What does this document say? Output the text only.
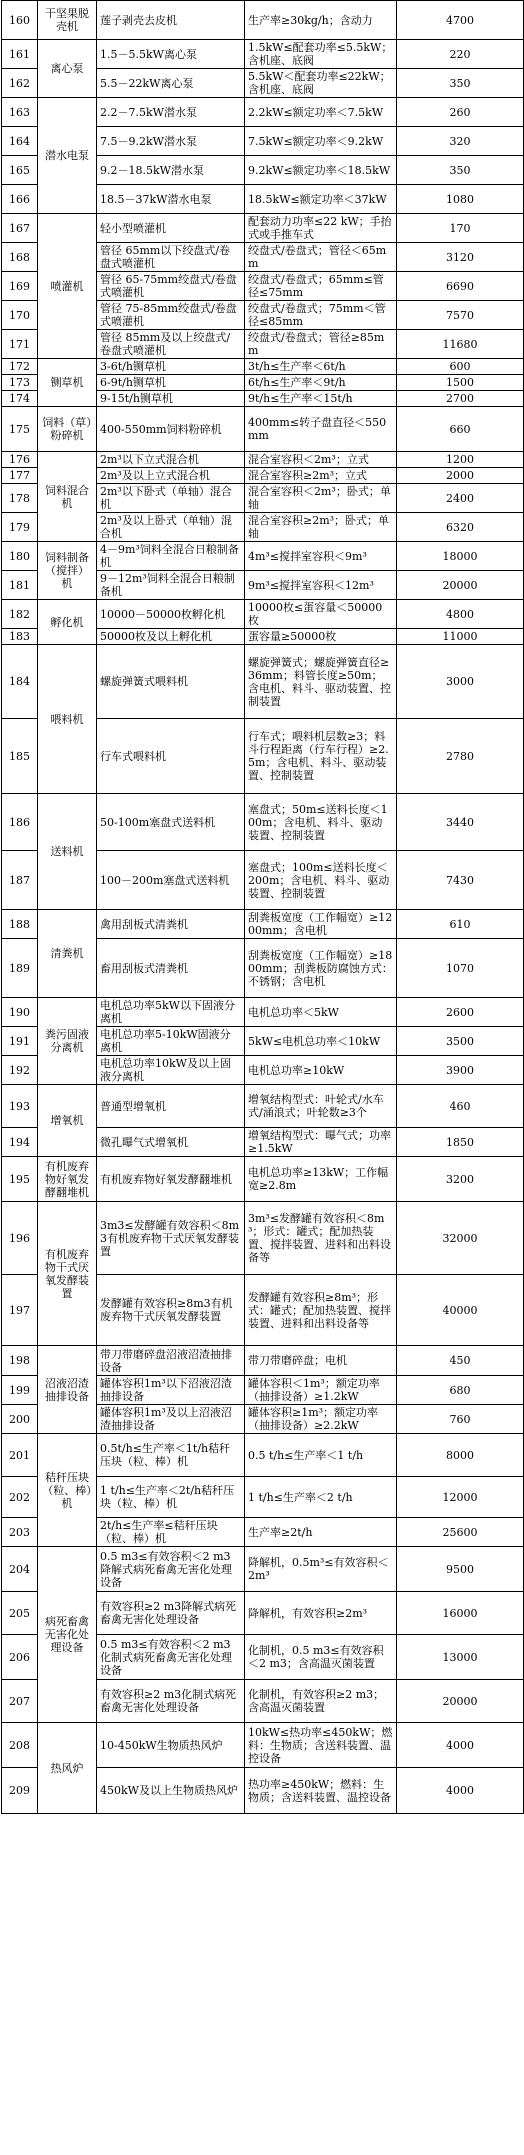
160	干坚果脱壳机	莲子剥壳去皮机	生产率≥30kg/h；含动力	4700
161	离心泵	1.5－5.5kW离心泵	1.5kW≤配套功率≤5.5kW；含机座、底阀	220
162		5.5－22kW离心泵	5.5kW＜配套功率≤22kW；含机座、底阀	350
163	潜水电泵	2.2－7.5kW潜水泵	2.2kW≤额定功率＜7.5kW	260
164		7.5－9.2kW潜水泵	7.5kW≤额定功率＜9.2kW	320
165		9.2－18.5kW潜水泵	9.2kW≤额定功率＜18.5kW	350
166		18.5－37kW潜水电泵	18.5kW≤额定功率＜37kW	1080
167	喷灌机	轻小型喷灌机	配套动力功率≤22 kW；手抬式或手推车式	170
168		管径 65mm以下绞盘式/卷盘式喷灌机	绞盘式/卷盘式；管径＜65mm	3120
169		管径 65-75mm绞盘式/卷盘式喷灌机	绞盘式/卷盘式；65mm≤管径≤75mm	6690
170		管径 75-85mm绞盘式/卷盘式喷灌机	绞盘式/卷盘式；75mm＜管径≤85mm	7570
171		管径 85mm及以上绞盘式/卷盘式喷灌机	绞盘式/卷盘式；管径≥85mm	11680
172	铡草机	3-6t/h铡草机	3t/h≤生产率＜6t/h	600
173		6-9t/h铡草机	6t/h≤生产率＜9t/h	1500
174		9-15t/h铡草机	9t/h≤生产率＜15t/h	2700
175	饲料（草）粉碎机	400-550mm饲料粉碎机	400mm≤转子盘直径＜550mm	660
176	饲料混合机	2m³以下立式混合机	混合室容积＜2m³；立式	1200
177		2m³及以上立式混合机	混合室容积≥2m³；立式	2000
178		2m³以下卧式（单轴）混合机	混合室容积＜2m³；卧式；单轴	2400
179		2m³及以上卧式（单轴）混合机	混合室容积≥2m³；卧式；单轴	6320
180	饲料制备（搅拌）机	4－9m³饲料全混合日粮制备机	4m³≤搅拌室容积＜9m³	18000
181		9－12m³饲料全混合日粮制备机	9m³≤搅拌室容积＜12m³	20000
182	孵化机	10000－50000枚孵化机	10000枚≤蛋容量＜50000枚	4800
183		50000枚及以上孵化机	蛋容量≥50000枚	11000
184	喂料机	螺旋弹簧式喂料机	螺旋弹簧式；螺旋弹簧直径≥36mm；料管长度≥50m；含电机、料斗、驱动装置、控制装置	3000
185		行车式喂料机	行车式；喂料机层数≥3；料斗行程距离（行车行程）≥2.5m；含电机、料斗、驱动装置、控制装置	2780
186	送料机	50-100m塞盘式送料机	塞盘式；50m≤送料长度＜100m；含电机、料斗、驱动装置、控制装置	3440
187		100－200m塞盘式送料机	塞盘式；100m≤送料长度＜200m；含电机、料斗、驱动装置、控制装置	7430
188	清粪机	禽用刮板式清粪机	刮粪板宽度（工作幅宽）≥1200mm；含电机	610
189		畜用刮板式清粪机	刮粪板宽度（工作幅宽）≥1800mm；刮粪板防腐蚀方式：不锈钢；含电机	1070
190	粪污固液分离机	电机总功率5kW以下固液分离机	电机总功率＜5kW	2600
191		电机总功率5-10kW固液分离机	5kW≤电机总功率＜10kW	3500
192		电机总功率10kW及以上固液分离机	电机总功率≥10kW	3900
193	增氧机	普通型增氧机	增氧结构型式：叶轮式/水车式/涌浪式；叶轮数≥3个	460
194		微孔曝气式增氧机	增氧结构型式：曝气式；功率≥1.5kW	1850
195	有机废弃物好氧发酵翻堆机	有机废弃物好氧发酵翻堆机	电机总功率≥13kW；工作幅宽≥2.8m	3200
196	有机废弃物干式厌氧发酵装置	3m3≤发酵罐有效容积＜8m3有机废弃物干式厌氧发酵装置	3m³≤发酵罐有效容积＜8m³；形式：罐式；配加热装置、搅拌装置、进料和出料设备等	32000
197		发酵罐有效容积≥8m3有机废弃物干式厌氧发酵装置	发酵罐有效容积≥8m³；形式：罐式；配加热装置、搅拌装置、进料和出料设备等	40000
198	沼液沼渣抽排设备	带刀带磨碎盘沼液沼渣抽排设备	带刀带磨碎盘；电机	450
199		罐体容积1m³以下沼液沼渣抽排设备	罐体容积＜1m³；额定功率（抽排设备）≥1.2kW	680
200		罐体容积1m³及以上沼液沼渣抽排设备	罐体容积≥1m³；额定功率（抽排设备）≥2.2kW	760
201	秸秆压块（粒、棒）机	0.5t/h≤生产率＜1t/h秸秆压块（粒、棒）机	0.5 t/h≤生产率＜1 t/h	8000
202		1 t/h≤生产率＜2t/h秸秆压块（粒、棒）机	1 t/h≤生产率＜2 t/h	12000
203		2t/h≤生产率≤秸秆压块（粒、棒）机	生产率≥2t/h	25600
204	病死畜禽无害化处理设备	0.5 m3≤有效容积＜2 m3降解式病死畜禽无害化处理设备	降解机，0.5m³≤有效容积＜2m³	9500
205		有效容积≥2 m3降解式病死畜禽无害化处理设备	降解机，有效容积≥2m³	16000
206		0.5 m3≤有效容积＜2 m3化制式病死畜禽无害化处理设备	化制机，0.5 m3≤有效容积＜2 m3；含高温灭菌装置	13000
207		有效容积≥2 m3化制式病死畜禽无害化处理设备	化制机，有效容积≥2 m3；含高温灭菌装置	20000
208	热风炉	10-450kW生物质热风炉	10kW≤热功率≤450kW；燃料：生物质；含送料装置、温控设备	4000
209		450kW及以上生物质热风炉	热功率≥450kW；燃料：生物质；含送料装置、温控设备	4000
